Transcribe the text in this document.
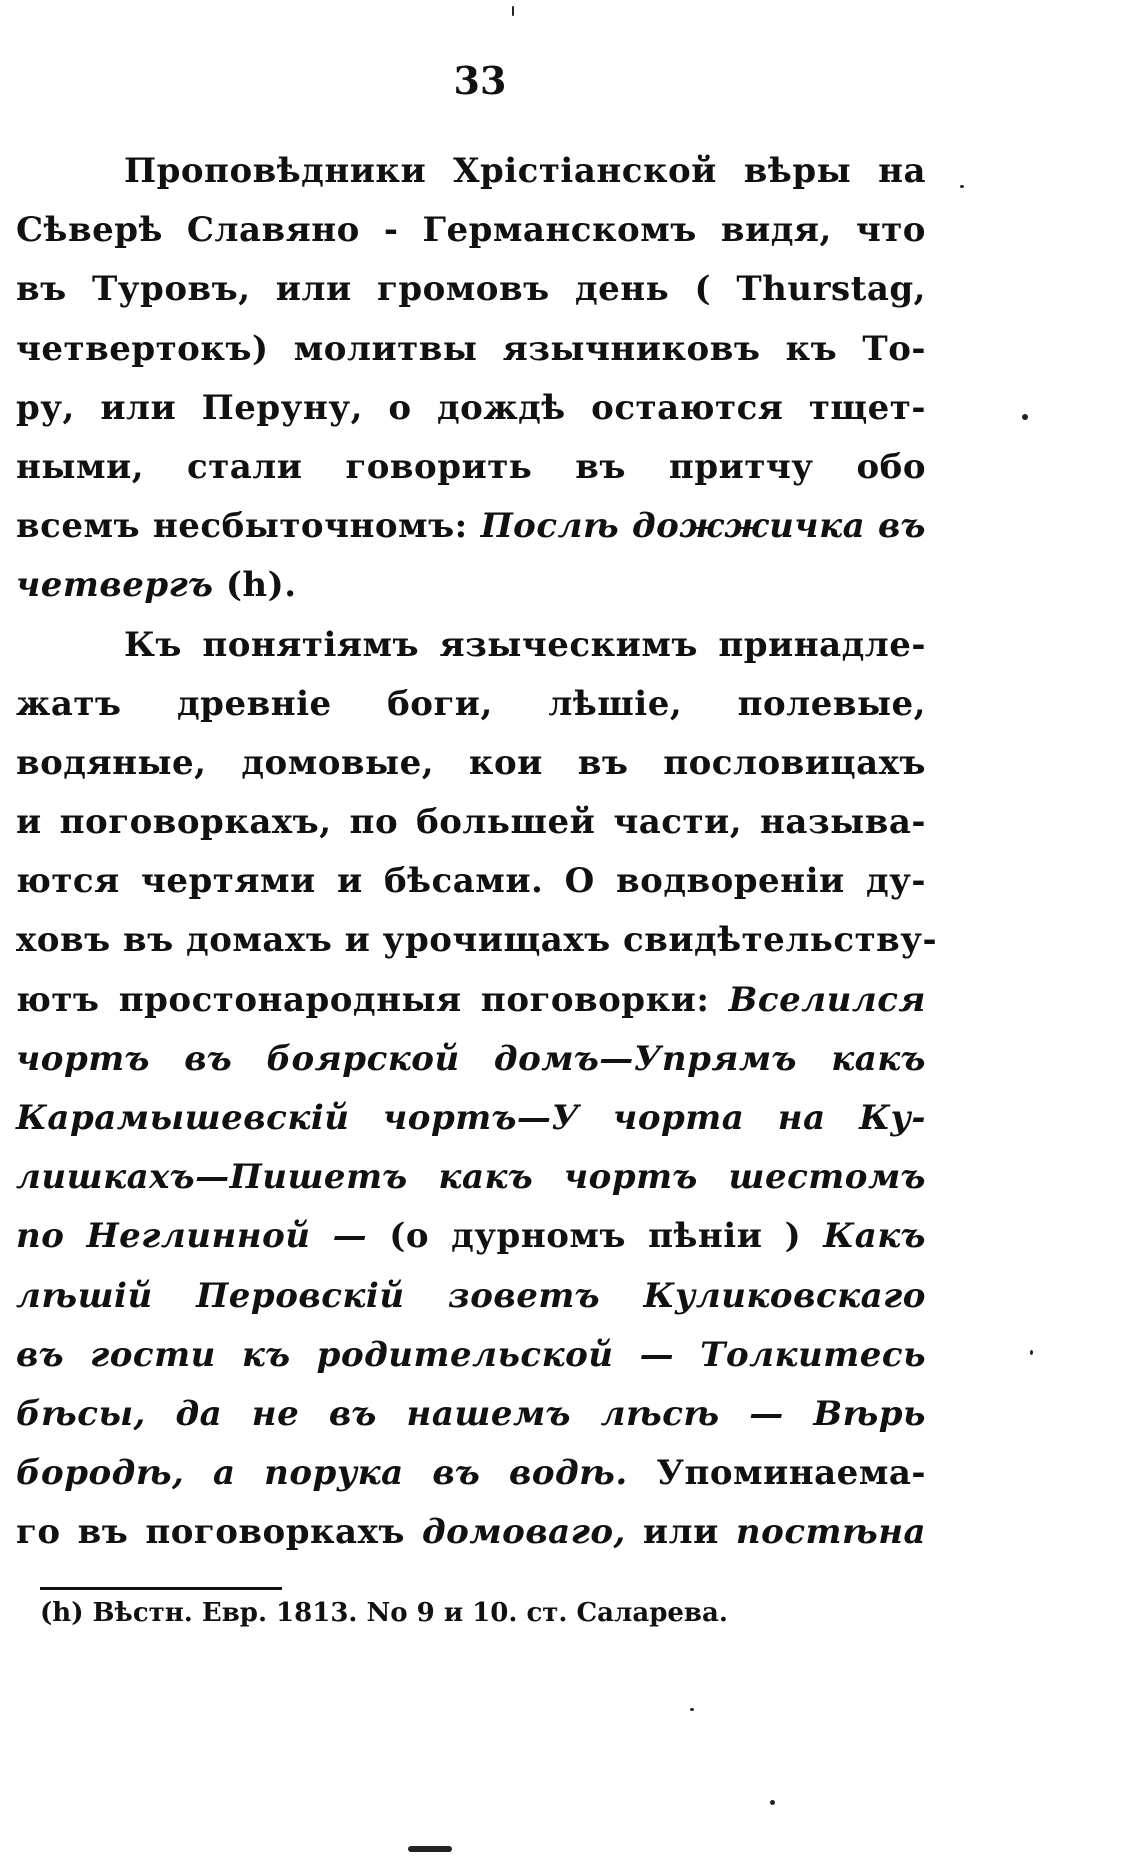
33
Проповѣдники Хрістіанской вѣры на
Сѣверѣ Славяно - Германскомъ видя, что
въ Туровъ, или громовъ день ( Thurstag,
четвертокъ) молитвы язычниковъ къ То-
ру, или Перуну, о дождѣ остаются тщет-
ными, стали говорить въ притчу обо
всемъ несбыточномъ: Послѣ дожжичка въ
четвергъ (h).
Къ понятіямъ языческимъ принадле-
жатъ древніе боги, лѣшіе, полевые,
водяные, домовые, кои въ пословицахъ
и поговоркахъ, по большей части, называ-
ются чертями и бѣсами. О водвореніи ду-
ховъ въ домахъ и урочищахъ свидѣтельству-
ютъ простонародныя поговорки: Вселился
чортъ въ боярской домъ—Упрямъ какъ
Карамышевскій чортъ—У чорта на Ку-
лишкахъ—Пишетъ какъ чортъ шестомъ
по Неглинной — (о дурномъ пѣніи ) Какъ
лѣшій Перовскій зоветъ Куликовскаго
въ гости къ родительской — Толкитесь
бѣсы, да не въ нашемъ лѣсѣ — Вѣрь
бородѣ, а порука въ водѣ. Упоминаема-
го въ поговоркахъ домоваго, или постѣна
(h) Вѣстн. Евр. 1813. No 9 и 10. ст. Саларева.
